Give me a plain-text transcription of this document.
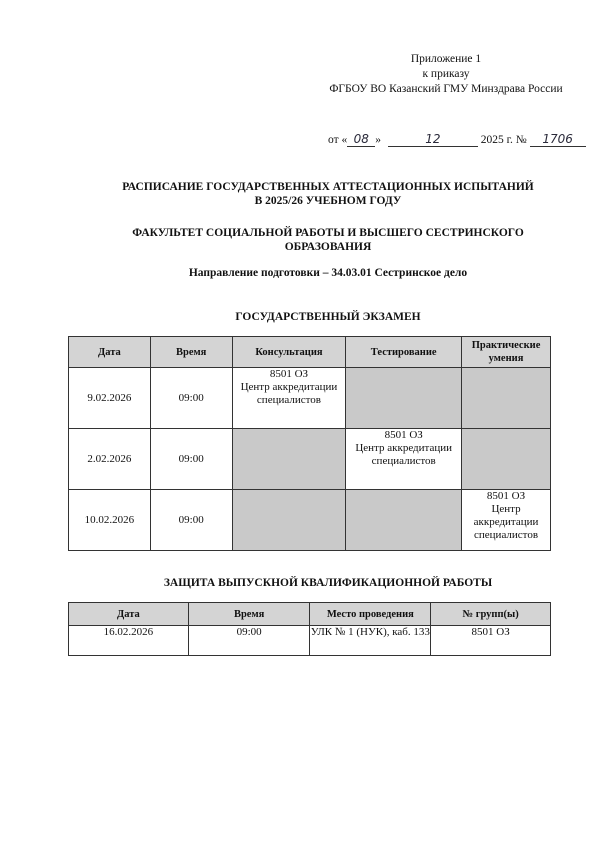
Приложение 1
к приказу
ФГБОУ ВО Казанский ГМУ Минздрава России
от « 08 »	12	2025 г. № 1706
РАСПИСАНИЕ ГОСУДАРСТВЕННЫХ АТТЕСТАЦИОННЫХ ИСПЫТАНИЙ
В 2025/26 УЧЕБНОМ ГОДУ
ФАКУЛЬТЕТ СОЦИАЛЬНОЙ РАБОТЫ И ВЫСШЕГО СЕСТРИНСКОГО
ОБРАЗОВАНИЯ
Направление подготовки – 34.03.01 Сестринское дело
ГОСУДАРСТВЕННЫЙ ЭКЗАМЕН
Дата	Время	Консультация	Тестирование	Практические умения
9.02.2026	09:00	8501 ОЗ
Центр аккредитации специалистов		

2.02.2026	09:00		8501 ОЗ
Центр аккредитации специалистов	

10.02.2026	09:00			8501 ОЗ
Центр аккредитации специалистов
ЗАЩИТА ВЫПУСКНОЙ КВАЛИФИКАЦИОННОЙ РАБОТЫ
Дата	Время	Место проведения	№ групп(ы)
16.02.2026	09:00	УЛК № 1 (НУК), каб. 133	8501 ОЗ
